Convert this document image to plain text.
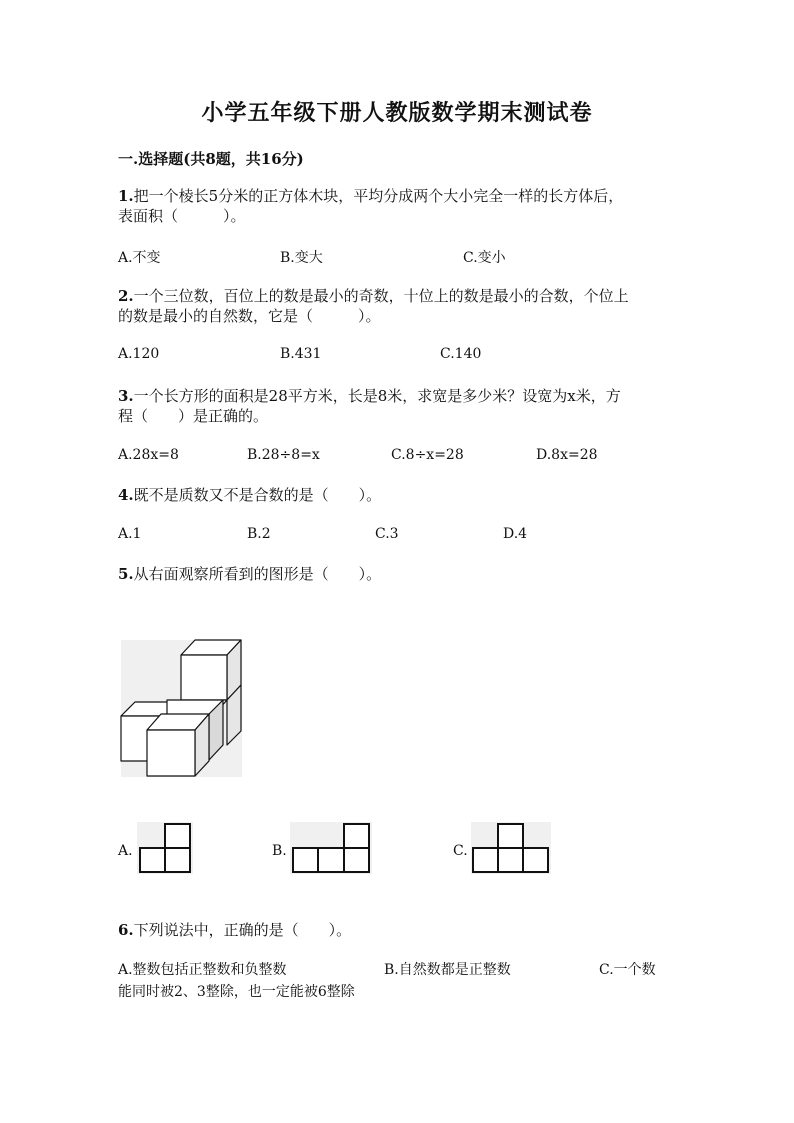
小学五年级下册人教版数学期末测试卷
一.选择题(共8题，共16分)
1.把一个棱长5分米的正方体木块，平均分成两个大小完全一样的长方体后，
表面积（　　　）。
A.不变	B.变大	C.变小
2.一个三位数，百位上的数是最小的奇数，十位上的数是最小的合数，个位上
的数是最小的自然数，它是（　　　）。
A.120	B.431	C.140
3.一个长方形的面积是28平方米，长是8米，求宽是多少米？设宽为x米，方
程（　　）是正确的。
A.28x=8	B.28÷8=x	C.8÷x=28	D.8x=28
4.既不是质数又不是合数的是（　　）。
A.1	B.2	C.3	D.4
5.从右面观察所看到的图形是（　　）。
A.	B.	C.
6.下列说法中，正确的是（　　）。
A.整数包括正整数和负整数	B.自然数都是正整数	C.一个数
能同时被2、3整除，也一定能被6整除
